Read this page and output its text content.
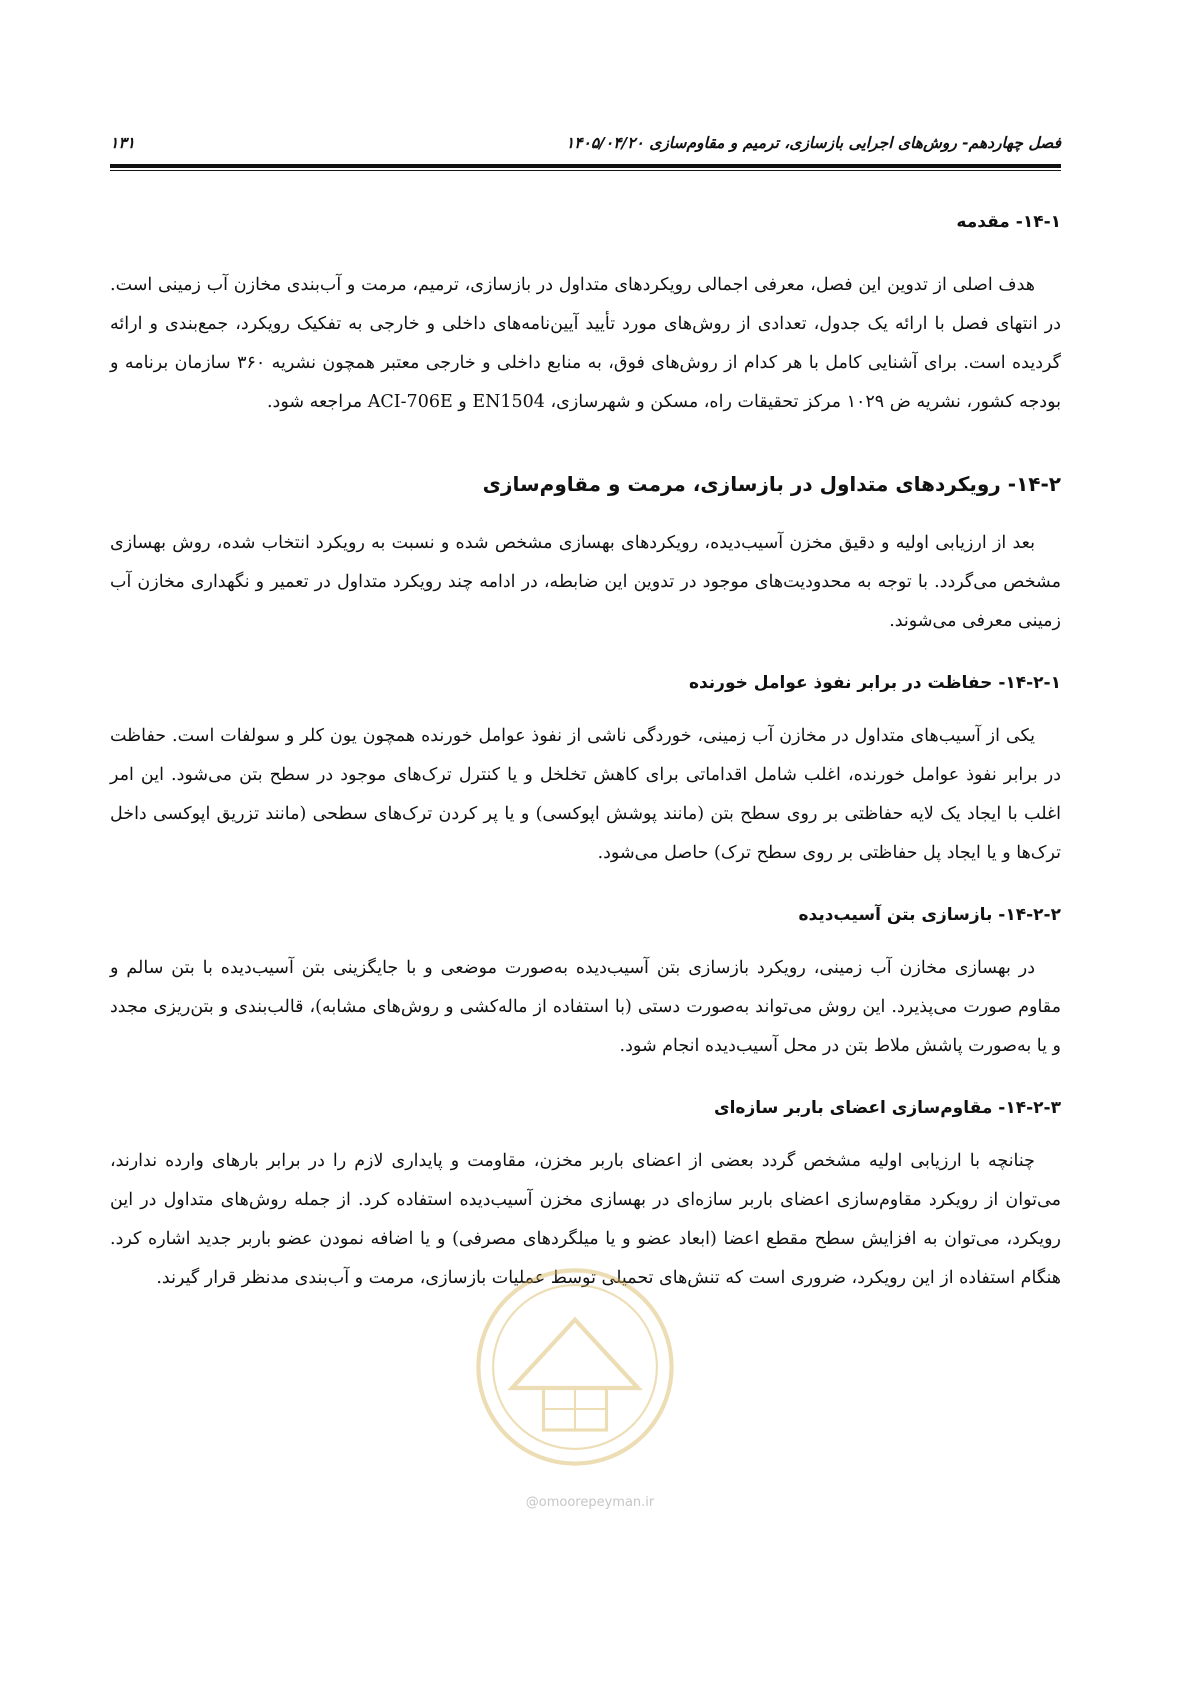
فصل چهاردهم- روش‌های اجرایی بازسازی، ترمیم و مقاوم‌سازی ۱۴۰۵/۰۴/۲۰
۱۳۱
۱۴-۱- مقدمه

هدف اصلی از تدوین این فصل، معرفی اجمالی رویکردهای متداول در بازسازی، ترمیم، مرمت و آب‌بندی مخازن آب زمینی است. در انتهای فصل با ارائه یک جدول، تعدادی از روش‌های مورد تأیید آیین‌نامه‌های داخلی و خارجی به تفکیک رویکرد، جمع‌بندی و ارائه گردیده است. برای آشنایی کامل با هر کدام از روش‌های فوق، به منابع داخلی و خارجی معتبر همچون نشریه ۳۶۰ سازمان برنامه و بودجه کشور، نشریه ض ۱۰۲۹ مرکز تحقیقات راه، مسکن و شهرسازی، EN1504 و ACI-706E مراجعه شود.

۱۴-۲- رویکردهای متداول در بازسازی، مرمت و مقاوم‌سازی

بعد از ارزیابی اولیه و دقیق مخزن آسیب‌دیده، رویکردهای بهسازی مشخص شده و نسبت به رویکرد انتخاب شده، روش بهسازی مشخص می‌گردد. با توجه به محدودیت‌های موجود در تدوین این ضابطه، در ادامه چند رویکرد متداول در تعمیر و نگهداری مخازن آب زمینی معرفی می‌شوند.

۱۴-۲-۱- حفاظت در برابر نفوذ عوامل خورنده

یکی از آسیب‌های متداول در مخازن آب زمینی، خوردگی ناشی از نفوذ عوامل خورنده همچون یون کلر و سولفات است. حفاظت در برابر نفوذ عوامل خورنده، اغلب شامل اقداماتی برای کاهش تخلخل و یا کنترل ترک‌های موجود در سطح بتن می‌شود. این امر اغلب با ایجاد یک لایه حفاظتی بر روی سطح بتن (مانند پوشش اپوکسی) و یا پر کردن ترک‌های سطحی (مانند تزریق اپوکسی داخل ترک‌ها و یا ایجاد پل حفاظتی بر روی سطح ترک) حاصل می‌شود.

۱۴-۲-۲- بازسازی بتن آسیب‌دیده

در بهسازی مخازن آب زمینی، رویکرد بازسازی بتن آسیب‌دیده به‌صورت موضعی و با جایگزینی بتن آسیب‌دیده با بتن سالم و مقاوم صورت می‌پذیرد. این روش می‌تواند به‌صورت دستی (با استفاده از ماله‌کشی و روش‌های مشابه)، قالب‌بندی و بتن‌ریزی مجدد و یا به‌صورت پاشش ملاط بتن در محل آسیب‌دیده انجام شود.

۱۴-۲-۳- مقاوم‌سازی اعضای باربر سازه‌ای

چنانچه با ارزیابی اولیه مشخص گردد بعضی از اعضای باربر مخزن، مقاومت و پایداری لازم را در برابر بارهای وارده ندارند، می‌توان از رویکرد مقاوم‌سازی اعضای باربر سازه‌ای در بهسازی مخزن آسیب‌دیده استفاده کرد. از جمله روش‌های متداول در این رویکرد، می‌توان به افزایش سطح مقطع اعضا (ابعاد عضو و یا میلگردهای مصرفی) و یا اضافه نمودن عضو باربر جدید اشاره کرد. هنگام استفاده از این رویکرد، ضروری است که تنش‌های تحمیلی توسط عملیات بازسازی، مرمت و آب‌بندی مدنظر قرار گیرند.

@omoorepeyman.ir
